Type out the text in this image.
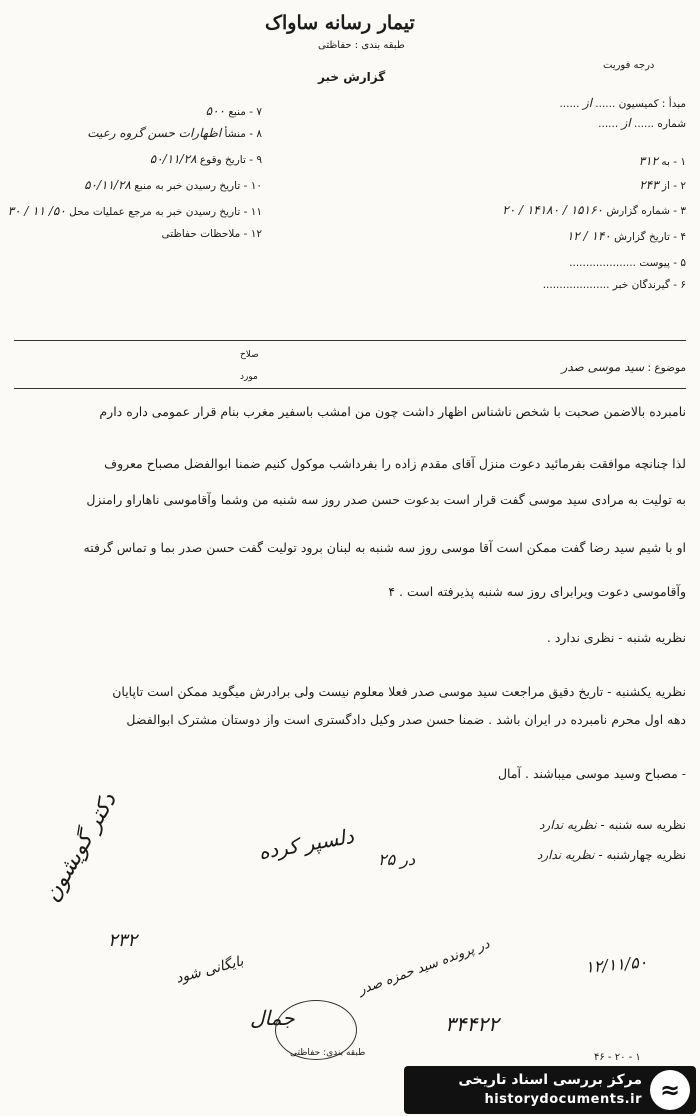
تیمار رسانه ساواک
طبقه بندی : حفاظتی
گزارش خبر
درجه فوریت
مبدأ : کمیسیون ...... از ......
شماره ...... از ......
۱ - به ۳۱۲
۲ - از ۲۴۳
۳ - شماره گزارش ۱۵۱۶۰ / ۱۴۱۸۰ / ۲۰
۴ - تاریخ گزارش ۱۴۰ / ۱۲
۵ - پیوست ....................
۶ - گیرندگان خبر ....................
۷ - منبع ۵۰۰
۸ - منشأ اظهارات حسن گروه رعیت
۹ - تاریخ وقوع ۵۰/۱۱/۲۸
۱۰ - تاریخ رسیدن خبر به منبع ۵۰/۱۱/۲۸
۱۱ - تاریخ رسیدن خبر به مرجع عملیات محل ۵۰/ ۱۱ / ۳۰
۱۲ - ملاحظات حفاظتی
موضوع : سید موسی صدر
صلاح
مورد
نامبرده بالاضمن صحبت با شخص ناشناس اظهار داشت چون من امشب باسفیر مغرب بنام قرار عمومی داره دارم
لذا چنانچه موافقت بفرمائید دعوت منزل آقای مقدم زاده را بفرداشب موکول کنیم ضمنا ابوالفضل مصباح معروف
به تولیت به مرادی سید موسی گفت قرار است بدعوت حسن صدر روز سه شنبه من وشما وآقاموسی ناهاراو رامنزل
او با شیم سید رضا گفت ممکن است آقا موسی روز سه شنبه به لبنان برود تولیت گفت حسن صدر بما و تماس گرفته
وآقاموسی دعوت ویرابرای روز سه شنبه پذیرفته است . ۴
نظریه شنبه - نظری ندارد .
نظریه یکشنبه - تاریخ دقیق مراجعت سید موسی صدر فعلا معلوم نیست ولی برادرش میگوید ممکن است تاپایان
دهه اول محرم نامبرده در ایران باشد . ضمنا حسن صدر وکیل دادگستری است واز دوستان مشترک ابوالفضل
- مصباح وسید موسی میباشند . آمال
نظریه سه شنبه - نظریه ندارد
نظریه چهارشنبه - نظریه ندارد
دکتر گویشون	دلسپر کرده
۲۳۲
بایگانی شود
در ۲۵
۱۲/۱۱/۵۰
در پرونده سید حمزه صدر
۳۴۴۲۲
جمال
طبقه بندی: حفاظتی	۴۶ - ۲۰ - ۱
≈
مرکز بررسی اسناد تاریخی
historydocuments.ir
